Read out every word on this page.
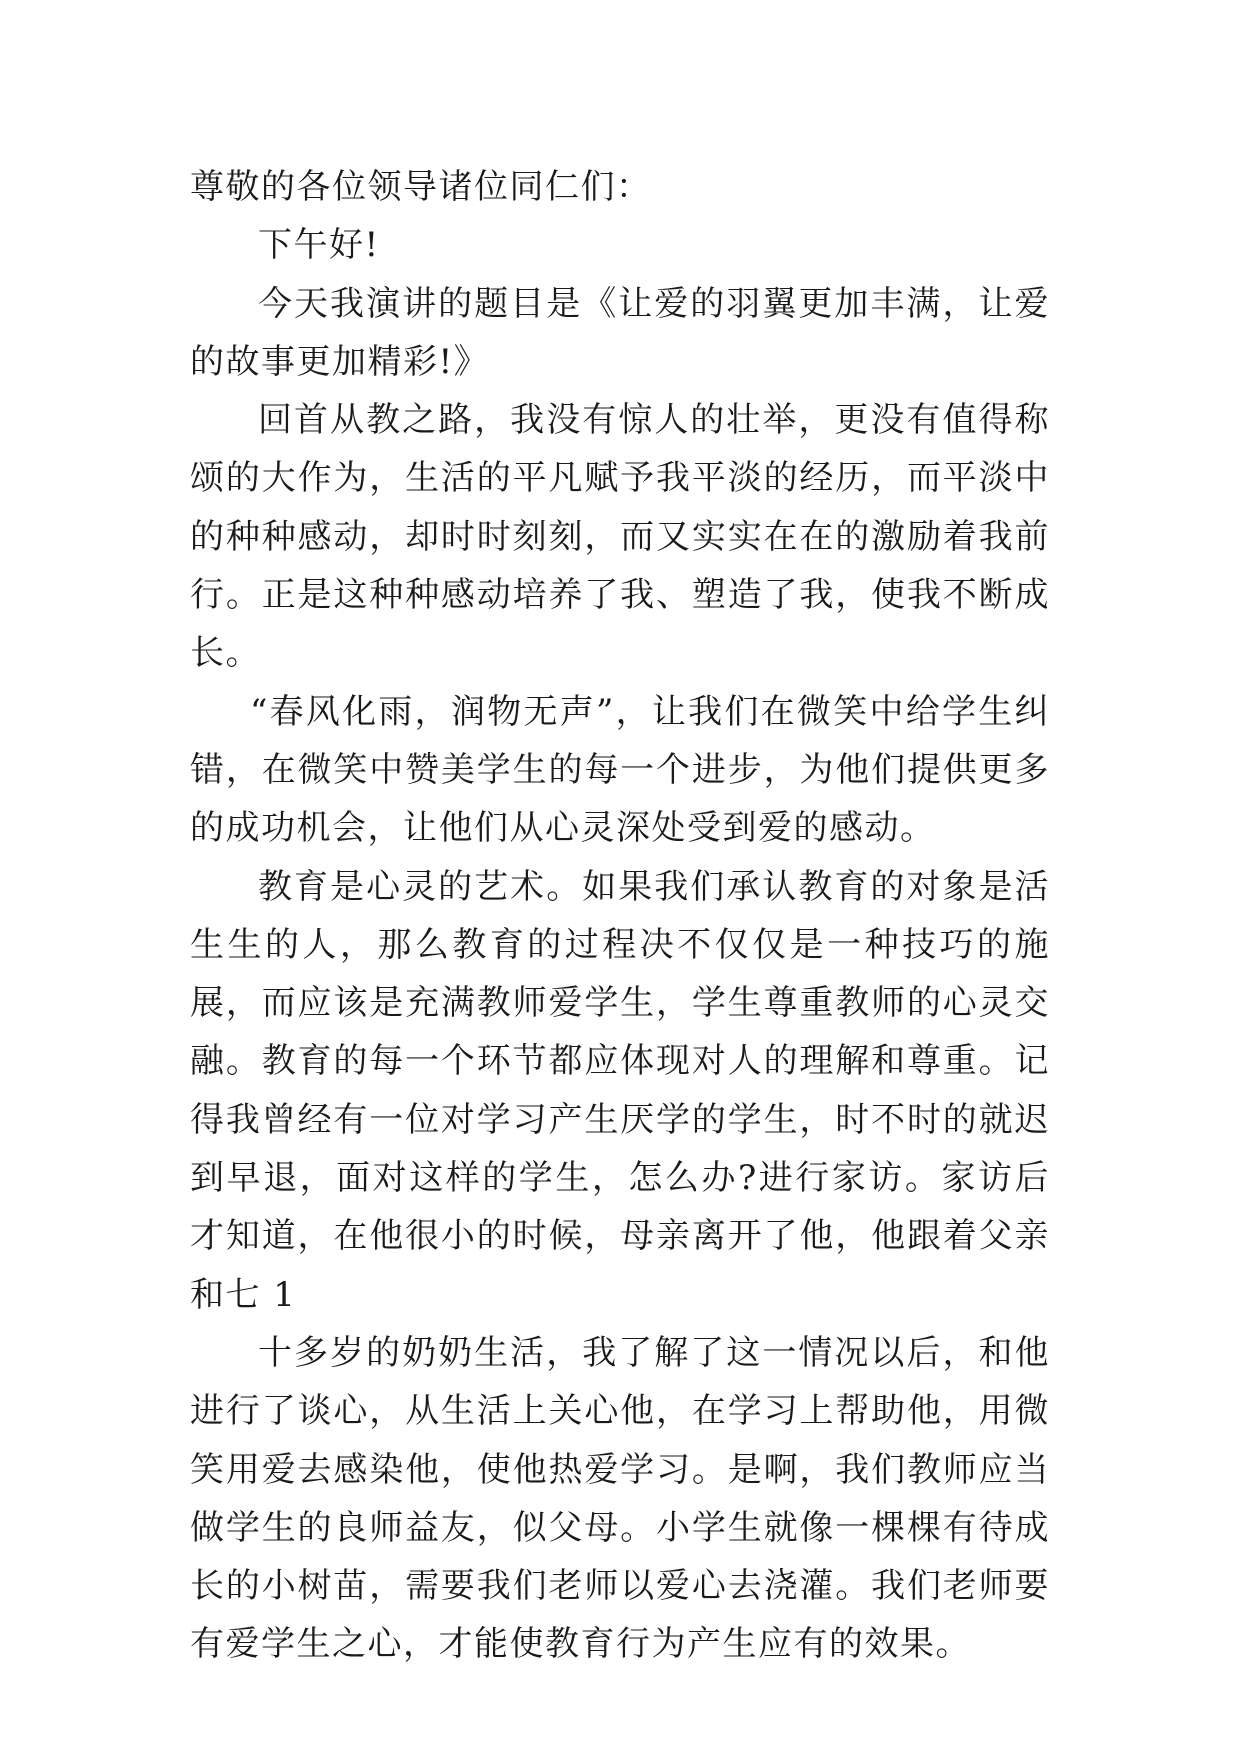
尊敬的各位领导诸位同仁们：

下午好!

今天我演讲的题目是《让爱的羽翼更加丰满，让爱的故事更加精彩!》

回首从教之路，我没有惊人的壮举，更没有值得称颂的大作为，生活的平凡赋予我平淡的经历，而平淡中的种种感动，却时时刻刻，而又实实在在的激励着我前行。正是这种种感动培养了我、塑造了我，使我不断成长。

“春风化雨，润物无声”，让我们在微笑中给学生纠错，在微笑中赞美学生的每一个进步，为他们提供更多的成功机会，让他们从心灵深处受到爱的感动。

教育是心灵的艺术。如果我们承认教育的对象是活生生的人，那么教育的过程决不仅仅是一种技巧的施展，而应该是充满教师爱学生，学生尊重教师的心灵交融。教育的每一个环节都应体现对人的理解和尊重。记得我曾经有一位对学习产生厌学的学生，时不时的就迟到早退，面对这样的学生，怎么办?进行家访。家访后才知道，在他很小的时候，母亲离开了他，他跟着父亲和七 1

十多岁的奶奶生活，我了解了这一情况以后，和他进行了谈心，从生活上关心他，在学习上帮助他，用微笑用爱去感染他，使他热爱学习。是啊，我们教师应当做学生的良师益友，似父母。小学生就像一棵棵有待成长的小树苗，需要我们老师以爱心去浇灌。我们老师要有爱学生之心，才能使教育行为产生应有的效果。
